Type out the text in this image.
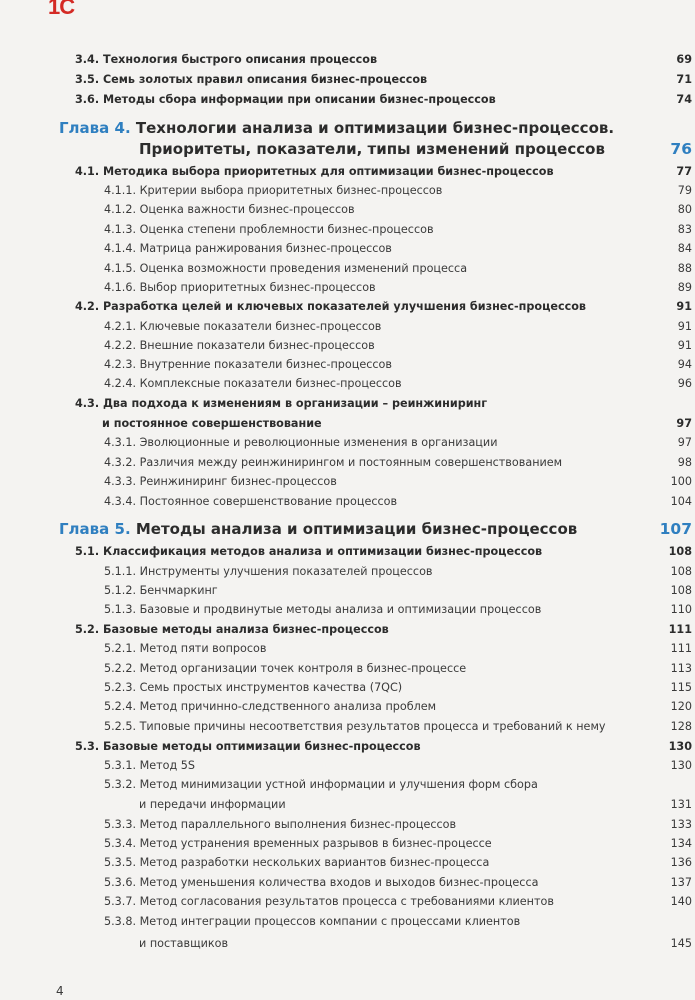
1С
3.4. Технология быстрого описания процессов	69
3.5. Семь золотых правил описания бизнес-процессов	71
3.6. Методы сбора информации при описании бизнес-процессов	74
Глава 4. Технологии анализа и оптимизации бизнес-процессов.
Приоритеты, показатели, типы изменений процессов	76
4.1. Методика выбора приоритетных для оптимизации бизнес-процессов	77
4.1.1. Критерии выбора приоритетных бизнес-процессов	79
4.1.2. Оценка важности бизнес-процессов	80
4.1.3. Оценка степени проблемности бизнес-процессов	83
4.1.4. Матрица ранжирования бизнес-процессов	84
4.1.5. Оценка возможности проведения изменений процесса	88
4.1.6. Выбор приоритетных бизнес-процессов	89
4.2. Разработка целей и ключевых показателей улучшения бизнес-процессов	91
4.2.1. Ключевые показатели бизнес-процессов	91
4.2.2. Внешние показатели бизнес-процессов	91
4.2.3. Внутренние показатели бизнес-процессов	94
4.2.4. Комплексные показатели бизнес-процессов	96
4.3. Два подхода к изменениям в организации – реинжиниринг
и постоянное совершенствование	97
4.3.1. Эволюционные и революционные изменения в организации	97
4.3.2. Различия между реинжинирингом и постоянным совершенствованием	98
4.3.3. Реинжиниринг бизнес-процессов	100
4.3.4. Постоянное совершенствование процессов	104
Глава 5. Методы анализа и оптимизации бизнес-процессов	107
5.1. Классификация методов анализа и оптимизации бизнес-процессов	108
5.1.1. Инструменты улучшения показателей процессов	108
5.1.2. Бенчмаркинг	108
5.1.3. Базовые и продвинутые методы анализа и оптимизации процессов	110
5.2. Базовые методы анализа бизнес-процессов	111
5.2.1. Метод пяти вопросов	111
5.2.2. Метод организации точек контроля в бизнес-процессе	113
5.2.3. Семь простых инструментов качества (7QC)	115
5.2.4. Метод причинно-следственного анализа проблем	120
5.2.5. Типовые причины несоответствия результатов процесса и требований к нему	128
5.3. Базовые методы оптимизации бизнес-процессов	130
5.3.1. Метод 5S	130
5.3.2. Метод минимизации устной информации и улучшения форм сбора
и передачи информации	131
5.3.3. Метод параллельного выполнения бизнес-процессов	133
5.3.4. Метод устранения временных разрывов в бизнес-процессе	134
5.3.5. Метод разработки нескольких вариантов бизнес-процесса	136
5.3.6. Метод уменьшения количества входов и выходов бизнес-процесса	137
5.3.7. Метод согласования результатов процесса с требованиями клиентов	140
5.3.8. Метод интеграции процессов компании с процессами клиентов
и поставщиков	145
4
